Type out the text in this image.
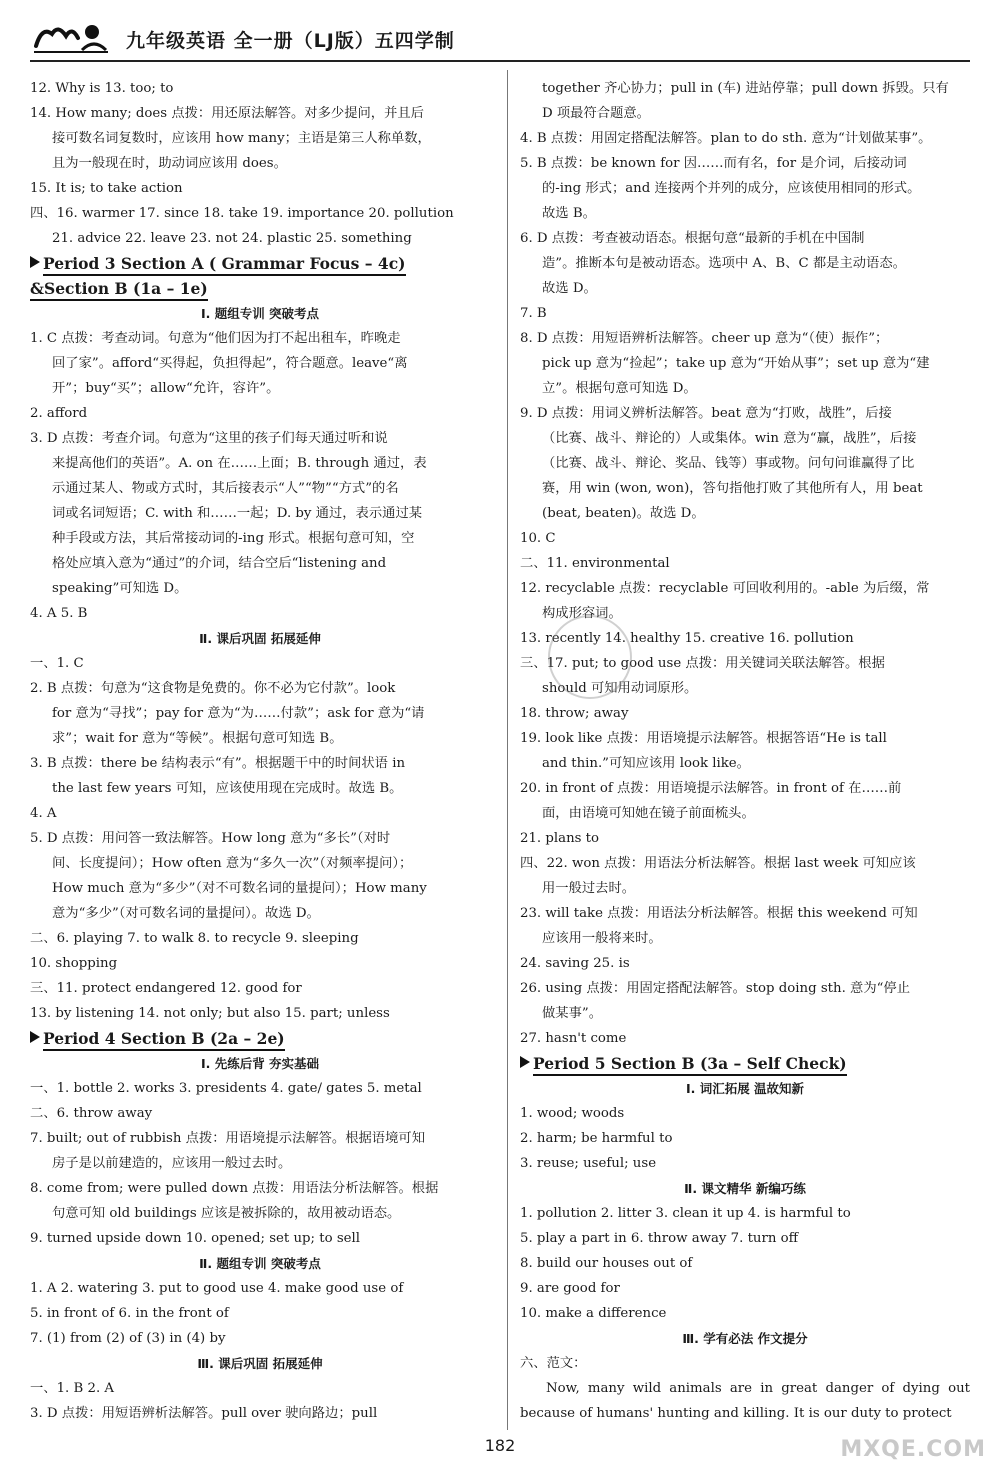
九年级英语 全一册（LJ版）五四学制
12. Why is 13. too; to
14. How many; does 点拨：用还原法解答。对多少提问，并且后
接可数名词复数时，应该用 how many；主语是第三人称单数，
且为一般现在时，助动词应该用 does。
15. It is; to take action
四、16. warmer 17. since 18. take 19. importance 20. pollution
21. advice 22. leave 23. not 24. plastic 25. something
Period 3 Section A ( Grammar Focus – 4c)
&Section B (1a – 1e)
Ⅰ. 题组专训 突破考点
1. C 点拨：考查动词。句意为“他们因为打不起出租车，昨晚走
回了家”。afford“买得起，负担得起”，符合题意。leave“离
开”；buy“买”；allow“允许，容许”。
2. afford
3. D 点拨：考查介词。句意为“这里的孩子们每天通过听和说
来提高他们的英语”。A. on 在……上面；B. through 通过，表
示通过某人、物或方式时，其后接表示“人”“物”“方式”的名
词或名词短语；C. with 和……一起；D. by 通过，表示通过某
种手段或方法，其后常接动词的-ing 形式。根据句意可知，空
格处应填入意为“通过”的介词，结合空后“listening and
speaking”可知选 D。
4. A 5. B
Ⅱ. 课后巩固 拓展延伸
一、1. C
2. B 点拨：句意为“这食物是免费的。你不必为它付款”。look
for 意为“寻找”；pay for 意为“为……付款”；ask for 意为“请
求”；wait for 意为“等候”。根据句意可知选 B。
3. B 点拨：there be 结构表示“有”。根据题干中的时间状语 in
the last few years 可知，应该使用现在完成时。故选 B。
4. A
5. D 点拨：用问答一致法解答。How long 意为“多长”（对时
间、长度提问）；How often 意为“多久一次”（对频率提问）；
How much 意为“多少”（对不可数名词的量提问）；How many
意为“多少”（对可数名词的量提问）。故选 D。
二、6. playing 7. to walk 8. to recycle 9. sleeping
10. shopping
三、11. protect endangered 12. good for
13. by listening 14. not only; but also 15. part; unless
Period 4 Section B (2a – 2e)
Ⅰ. 先练后背 夯实基础
一、1. bottle 2. works 3. presidents 4. gate/ gates 5. metal
二、6. throw away
7. built; out of rubbish 点拨：用语境提示法解答。根据语境可知
房子是以前建造的，应该用一般过去时。
8. come from; were pulled down 点拨：用语法分析法解答。根据
句意可知 old buildings 应该是被拆除的，故用被动语态。
9. turned upside down 10. opened; set up; to sell
Ⅱ. 题组专训 突破考点
1. A 2. watering 3. put to good use 4. make good use of
5. in front of 6. in the front of
7. (1) from (2) of (3) in (4) by
Ⅲ. 课后巩固 拓展延伸
一、1. B 2. A
3. D 点拨：用短语辨析法解答。pull over 驶向路边；pull
together 齐心协力；pull in (车) 进站停靠；pull down 拆毁。只有
D 项最符合题意。
4. B 点拨：用固定搭配法解答。plan to do sth. 意为“计划做某事”。
5. B 点拨：be known for 因……而有名，for 是介词，后接动词
的-ing 形式；and 连接两个并列的成分，应该使用相同的形式。
故选 B。
6. D 点拨：考查被动语态。根据句意“最新的手机在中国制
造”。推断本句是被动语态。选项中 A、B、C 都是主动语态。
故选 D。
7. B
8. D 点拨：用短语辨析法解答。cheer up 意为“（使）振作”；
pick up 意为“捡起”；take up 意为“开始从事”；set up 意为“建
立”。根据句意可知选 D。
9. D 点拨：用词义辨析法解答。beat 意为“打败，战胜”，后接
（比赛、战斗、辩论的）人或集体。win 意为“赢，战胜”，后接
（比赛、战斗、辩论、奖品、钱等）事或物。问句问谁赢得了比
赛，用 win (won, won)，答句指他打败了其他所有人，用 beat
(beat, beaten)。故选 D。
10. C
二、11. environmental
12. recyclable 点拨：recyclable 可回收利用的。-able 为后缀，常
构成形容词。
13. recently 14. healthy 15. creative 16. pollution
三、17. put; to good use 点拨：用关键词关联法解答。根据
should 可知用动词原形。
18. throw; away
19. look like 点拨：用语境提示法解答。根据答语“He is tall
and thin.”可知应该用 look like。
20. in front of 点拨：用语境提示法解答。in front of 在……前
面，由语境可知她在镜子前面梳头。
21. plans to
四、22. won 点拨：用语法分析法解答。根据 last week 可知应该
用一般过去时。
23. will take 点拨：用语法分析法解答。根据 this weekend 可知
应该用一般将来时。
24. saving 25. is
26. using 点拨：用固定搭配法解答。stop doing sth. 意为“停止
做某事”。
27. hasn't come
Period 5 Section B (3a – Self Check)
Ⅰ. 词汇拓展 温故知新
1. wood; woods
2. harm; be harmful to
3. reuse; useful; use
Ⅱ. 课文精华 新编巧练
1. pollution 2. litter 3. clean it up 4. is harmful to
5. play a part in 6. throw away 7. turn off
8. build our houses out of
9. are good for
10. make a difference
Ⅲ. 学有必法 作文提分
六、范文：
Now, many wild animals are in great danger of dying out because of humans' hunting and killing. It is our duty to protect
182	MXQE.COM
